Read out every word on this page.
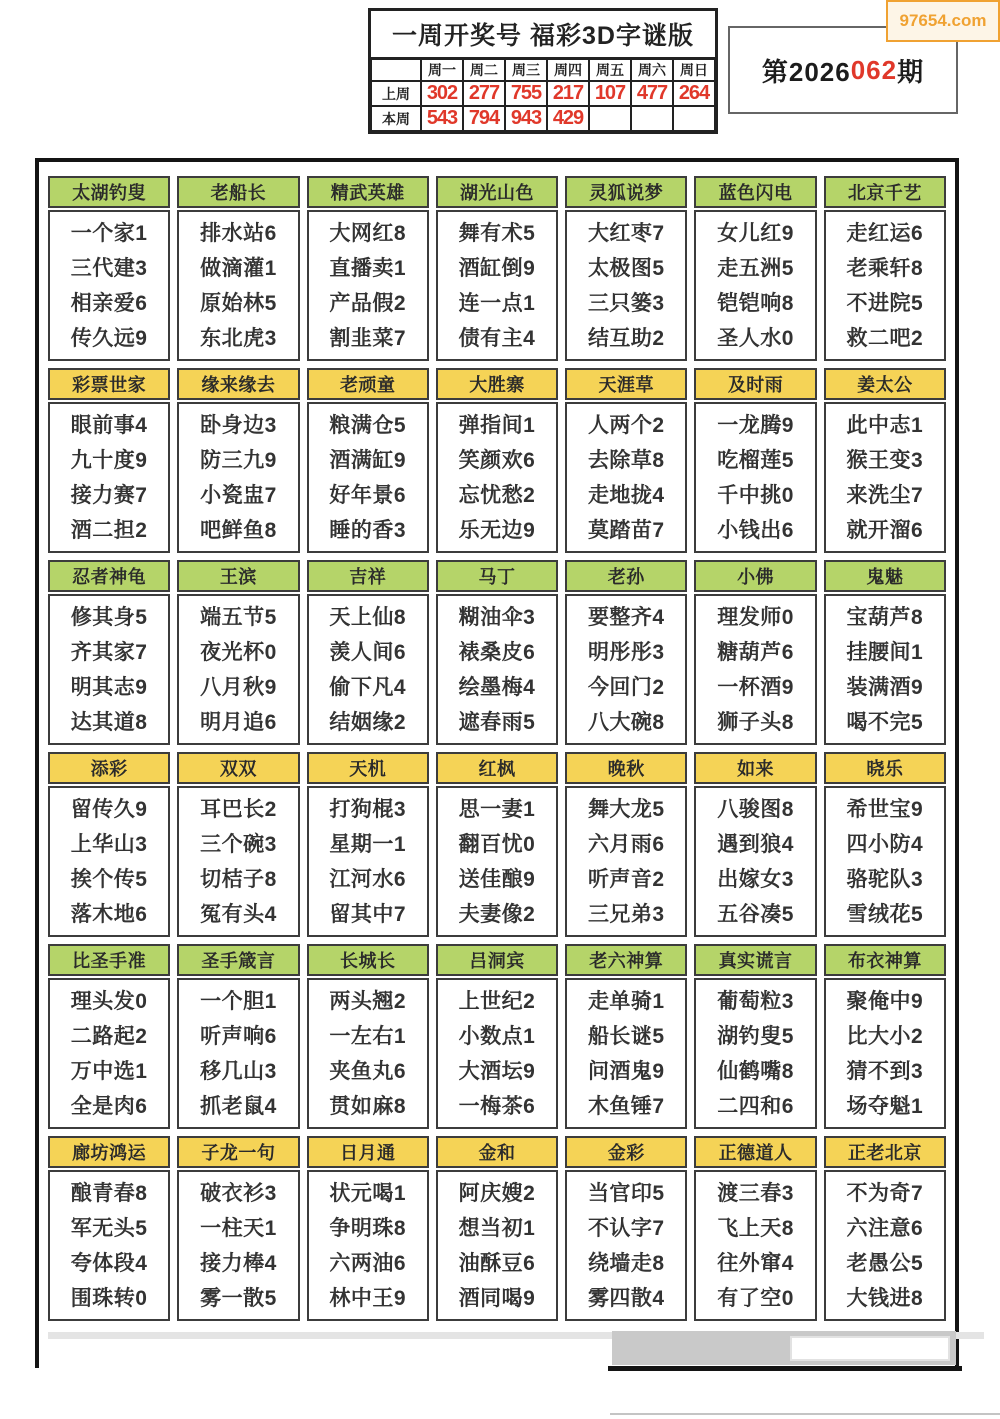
一周开奖号 福彩3D字谜版
周一	周二	周三	周四	周五	周六	周日
上周 302 277 755 217 107 477 264
本周 543 794 943 429
第2026 062 期
97654.com
太湖钓叟
一个家1
三代建3
相亲爱6
传久远9
老船长
排水站6
做滴灌1
原始林5
东北虎3
精武英雄
大网红8
直播卖1
产品假2
割韭菜7
湖光山色
舞有术5
酒缸倒9
连一点1
债有主4
灵狐说梦
大红枣7
太极图5
三只篓3
结互助2
蓝色闪电
女儿红9
走五洲5
铠铠响8
圣人水0
北京千艺
走红运6
老乘轩8
不进院5
救二吧2
彩票世家
眼前事4
九十度9
接力赛7
酒二担2
缘来缘去
卧身边3
防三九9
小瓷盅7
吧鲜鱼8
老顽童
粮满仓5
酒满缸9
好年景6
睡的香3
大胜寨
弹指间1
笑颜欢6
忘忧愁2
乐无边9
天涯草
人两个2
去除草8
走地拢4
莫踏苗7
及时雨
一龙腾9
吃榴莲5
千中挑0
小钱出6
姜太公
此中志1
猴王变3
来洗尘7
就开溜6
忍者神龟
修其身5
齐其家7
明其志9
达其道8
王滨
端五节5
夜光杯0
八月秋9
明月追6
吉祥
天上仙8
羡人间6
偷下凡4
结姻缘2
马丁
糊油伞3
裱桑皮6
绘墨梅4
遮春雨5
老孙
要整齐4
明彤彤3
今回门2
八大碗8
小佛
理发师0
糖葫芦6
一杯酒9
狮子头8
鬼魅
宝葫芦8
挂腰间1
装满酒9
喝不完5
添彩
留传久9
上华山3
挨个传5
落木地6
双双
耳巴长2
三个碗3
切桔子8
冤有头4
天机
打狗棍3
星期一1
江河水6
留其中7
红枫
思一妻1
翻百忧0
送佳酿9
夫妻像2
晚秋
舞大龙5
六月雨6
听声音2
三兄弟3
如来
八骏图8
遇到狼4
出嫁女3
五谷凑5
晓乐
希世宝9
四小防4
骆驼队3
雪绒花5
比圣手准
理头发0
二路起2
万中选1
全是肉6
圣手箴言
一个胆1
听声响6
移几山3
抓老鼠4
长城长
两头翘2
一左右1
夹鱼丸6
贯如麻8
吕洞宾
上世纪2
小数点1
大酒坛9
一梅茶6
老六神算
走单骑1
船长谜5
问酒鬼9
木鱼锤7
真实谎言
葡萄粒3
湖钓叟5
仙鹤嘴8
二四和6
布衣神算
聚俺中9
比大小2
猜不到3
场夺魁1
廊坊鸿运
酿青春8
军无头5
夸体段4
围珠转0
子龙一句
破衣衫3
一柱天1
接力棒4
雾一散5
日月通
状元喝1
争明珠8
六两油6
林中王9
金和
阿庆嫂2
想当初1
油酥豆6
酒同喝9
金彩
当官印5
不认字7
绕墙走8
雾四散4
正德道人
渡三春3
飞上天8
往外窜4
有了空0
正老北京
不为奇7
六注意6
老愚公5
大钱进8
